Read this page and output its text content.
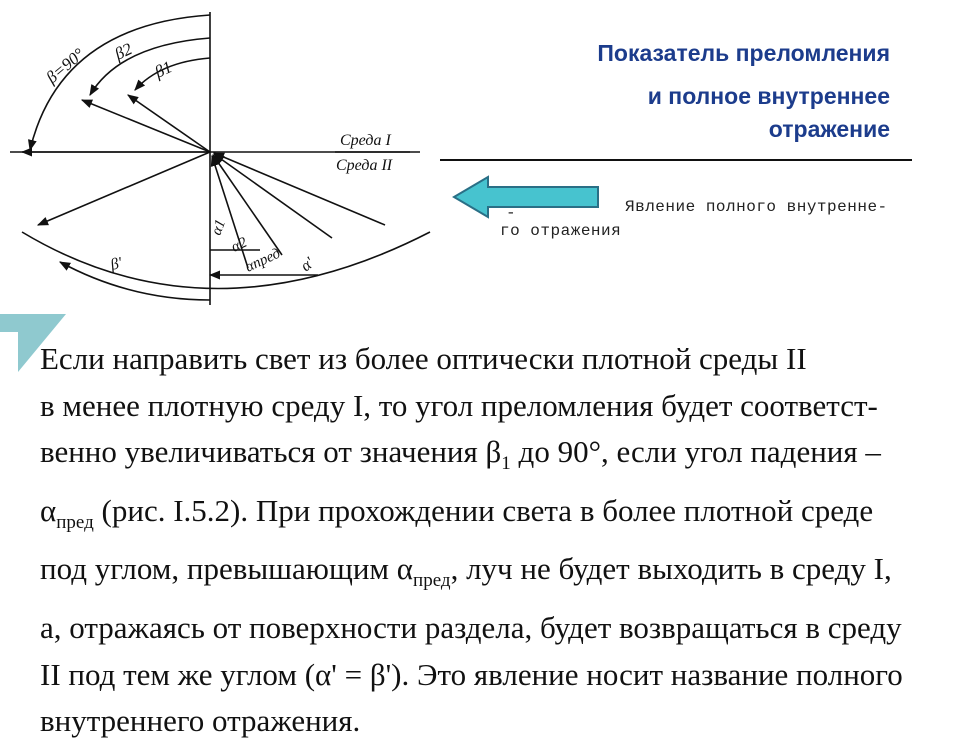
β=90° β2
β1
Среда I
Среда II
α1
α2
αпред α'
β'
Показатель преломления
и полное внутреннее
отражение
-	Явление полного внутренне-
го отражения
Если направить свет из более оптически плотной среды II
в менее плотную среду I, то угол преломления будет соответст-
венно увеличиваться от значения $\beta_1$ до 90°, если угол падения –
$\alpha_{пред}$ (рис. I.5.2). При прохождении света в более плотной среде
под углом, превышающим $\alpha_{пред}$, луч не будет выходить в среду I,
а, отражаясь от поверхности раздела, будет возвращаться в среду
II под тем же углом (α' = β'). Это явление носит название полного
внутреннего отражения.
